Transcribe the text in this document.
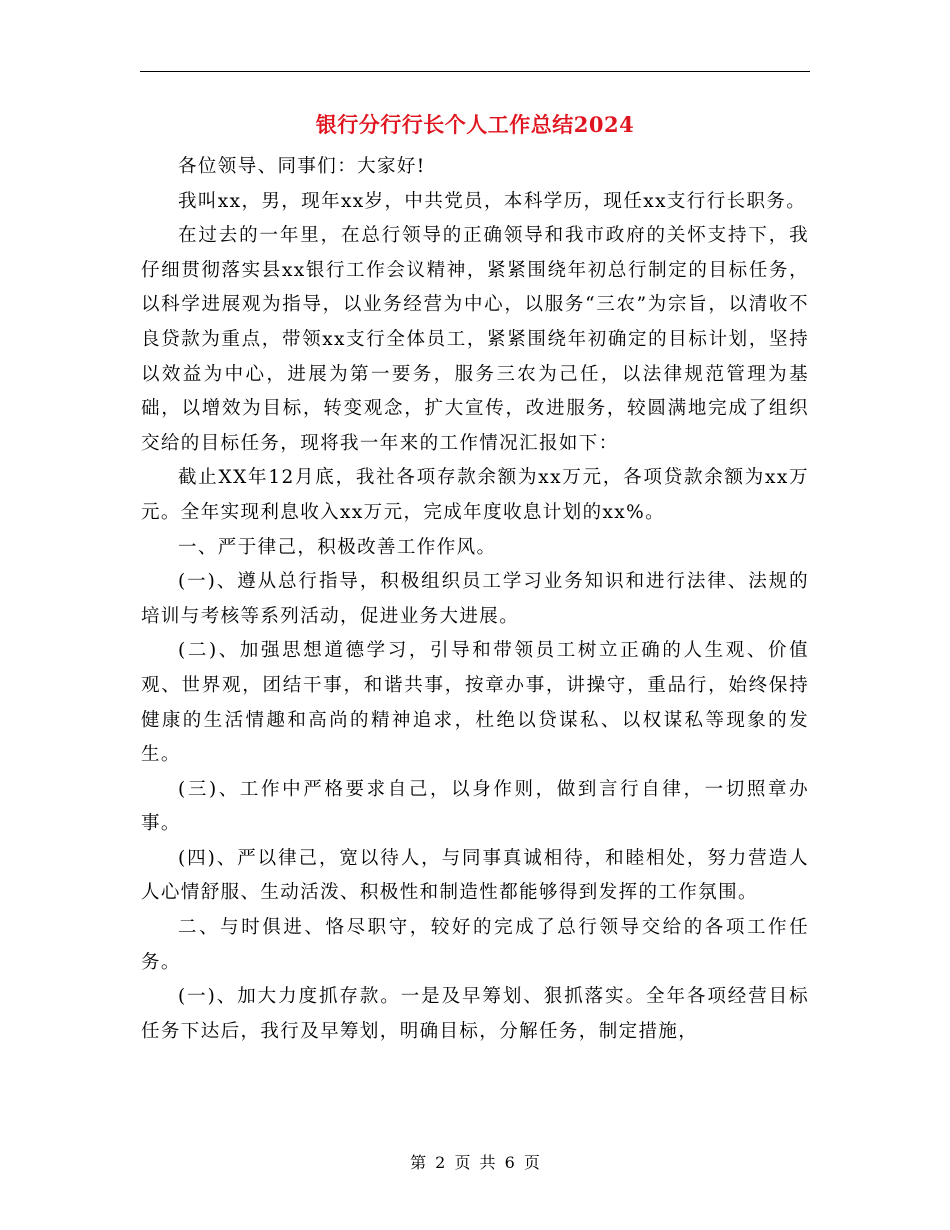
银行分行行长个人工作总结2024

各位领导、同事们：大家好!

我叫xx，男，现年xx岁，中共党员，本科学历，现任xx支行行长职务。

在过去的一年里，在总行领导的正确领导和我市政府的关怀支持下，我仔细贯彻落实县xx银行工作会议精神，紧紧围绕年初总行制定的目标任务，以科学进展观为指导，以业务经营为中心，以服务“三农”为宗旨，以清收不良贷款为重点，带领xx支行全体员工，紧紧围绕年初确定的目标计划，坚持以效益为中心，进展为第一要务，服务三农为己任，以法律规范管理为基础，以增效为目标，转变观念，扩大宣传，改进服务，较圆满地完成了组织交给的目标任务，现将我一年来的工作情况汇报如下：

截止XX年12月底，我社各项存款余额为xx万元，各项贷款余额为xx万元。全年实现利息收入xx万元，完成年度收息计划的xx%。

一、严于律己，积极改善工作作风。

(一)、遵从总行指导，积极组织员工学习业务知识和进行法律、法规的培训与考核等系列活动，促进业务大进展。

(二)、加强思想道德学习，引导和带领员工树立正确的人生观、价值观、世界观，团结干事，和谐共事，按章办事，讲操守，重品行，始终保持健康的生活情趣和高尚的精神追求，杜绝以贷谋私、以权谋私等现象的发生。

(三)、工作中严格要求自己，以身作则，做到言行自律，一切照章办事。

(四)、严以律己，宽以待人，与同事真诚相待，和睦相处，努力营造人人心情舒服、生动活泼、积极性和制造性都能够得到发挥的工作氛围。

二、与时俱进、恪尽职守，较好的完成了总行领导交给的各项工作任务。

(一)、加大力度抓存款。一是及早筹划、狠抓落实。全年各项经营目标任务下达后，我行及早筹划，明确目标，分解任务，制定措施，

第 2 页 共 6 页
